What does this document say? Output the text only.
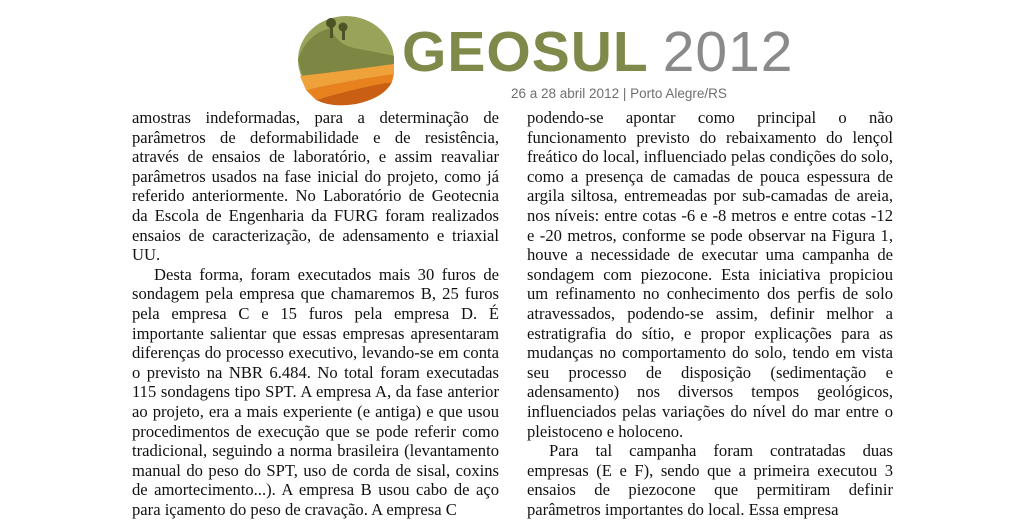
GEOSUL 2012
26 a 28 abril 2012 | Porto Alegre/RS

amostras indeformadas, para a determinação de parâmetros de deformabilidade e de resistência, através de ensaios de laboratório, e assim reavaliar parâmetros usados na fase inicial do projeto, como já referido anteriormente. No Laboratório de Geotecnia da Escola de Engenharia da FURG foram realizados ensaios de caracterização, de adensamento e triaxial UU.

Desta forma, foram executados mais 30 furos de sondagem pela empresa que chamaremos B, 25 furos pela empresa C e 15 furos pela empresa D. É importante salientar que essas empresas apresentaram diferenças do processo executivo, levando-se em conta o previsto na NBR 6.484. No total foram executadas 115 sondagens tipo SPT. A empresa A, da fase anterior ao projeto, era a mais experiente (e antiga) e que usou procedimentos de execução que se pode referir como tradicional, seguindo a norma brasileira (levantamento manual do peso do SPT, uso de corda de sisal, coxins de amortecimento...). A empresa B usou cabo de aço para içamento do peso de cravação. A empresa C

podendo-se apontar como principal o não funcionamento previsto do rebaixamento do lençol freático do local, influenciado pelas condições do solo, como a presença de camadas de pouca espessura de argila siltosa, entremeadas por sub-camadas de areia, nos níveis: entre cotas -6 e -8 metros e entre cotas -12 e -20 metros, conforme se pode observar na Figura 1, houve a necessidade de executar uma campanha de sondagem com piezocone. Esta iniciativa propiciou um refinamento no conhecimento dos perfis de solo atravessados, podendo-se assim, definir melhor a estratigrafia do sítio, e propor explicações para as mudanças no comportamento do solo, tendo em vista seu processo de disposição (sedimentação e adensamento) nos diversos tempos geológicos, influenciados pelas variações do nível do mar entre o pleistoceno e holoceno.

Para tal campanha foram contratadas duas empresas (E e F), sendo que a primeira executou 3 ensaios de piezocone que permitiram definir parâmetros importantes do local. Essa empresa
